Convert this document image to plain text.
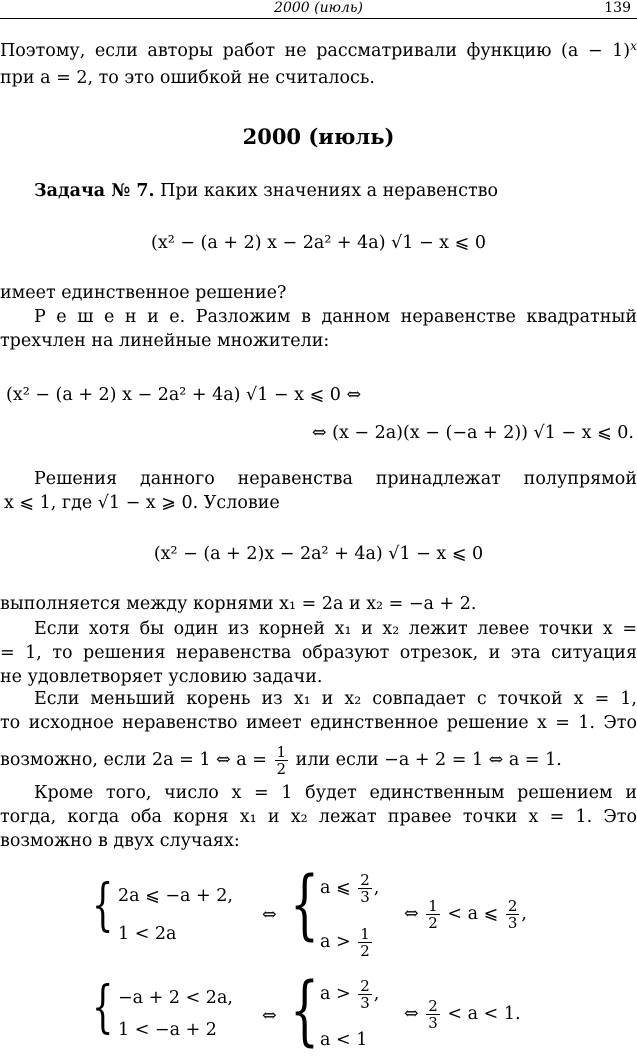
2000 (июль)	139
Поэтому, если авторы работ не рассматривали функцию $(a - 1)^x$
при a = 2, то это ошибкой не считалось.
2000 (июль)
Задача № 7. При каких значениях a неравенство
(x² − (a + 2) x − 2a² + 4a) √1 − x ⩽ 0
имеет единственное решение?
Р е ш е н и е. Разложим в данном неравенстве квадратный
трехчлен на линейные множители:
(x² − (a + 2) x − 2a² + 4a) √1 − x ⩽ 0 ⇔
⇔ (x − 2a)(x − (−a + 2)) √1 − x ⩽ 0.
Решения данного неравенства принадлежат полупрямой
x ⩽ 1, где √1 − x ⩾ 0. Условие
(x² − (a + 2)x − 2a² + 4a) √1 − x ⩽ 0
выполняется между корнями x₁ = 2a и x₂ = −a + 2.
Если хотя бы один из корней x₁ и x₂ лежит левее точки x =
= 1, то решения неравенства образуют отрезок, и эта ситуация
не удовлетворяет условию задачи.
Если меньший корень из x₁ и x₂ совпадает с точкой x = 1,
то исходное неравенство имеет единственное решение x = 1. Это
возможно, если 2a = 1 ⇔ $a = \frac{1}{2}$ или если −a + 2 = 1 ⇔ a = 1.
Кроме того, число x = 1 будет единственным решением и
тогда, когда оба корня x₁ и x₂ лежат правее точки x = 1. Это
возможно в двух случаях:
{ 2a ⩽ −a + 2,
1 < 2a
⇔ { a ⩽ $\frac{2}{3}$ ,
$a > \frac{1}{2}$
⇔ $\frac{1}{2} < a$ ⩽ $\frac{2}{3}$ ,
{ −a + 2 < 2a,
1 < −a + 2
⇔ { $a > \frac{2}{3}$ ,
a < 1
⇔ $\frac{2}{3} < a < 1$.
